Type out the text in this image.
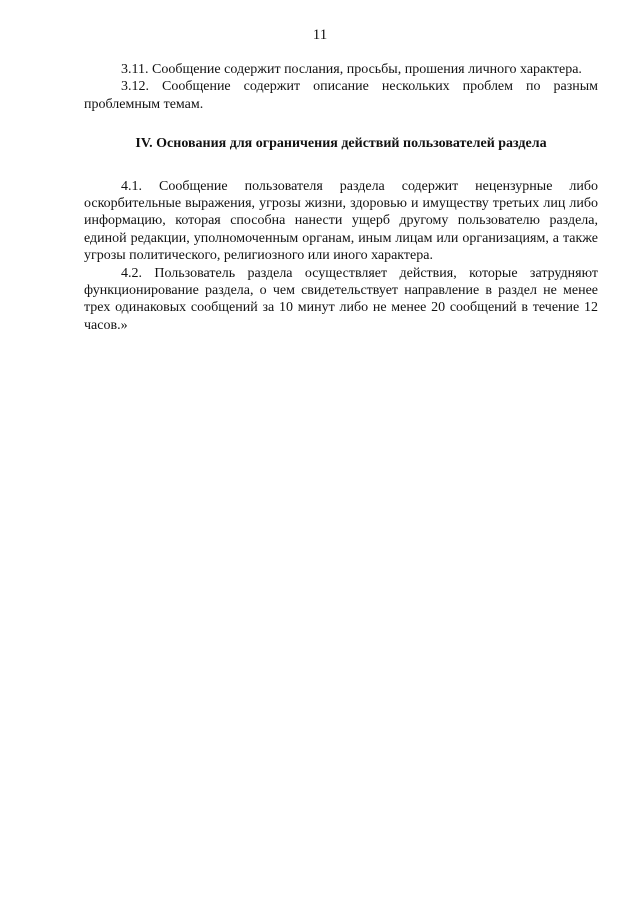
11

3.11. Сообщение содержит послания, просьбы, прошения личного характера.

3.12. Сообщение содержит описание нескольких проблем по разным проблемным темам.

IV. Основания для ограничения действий пользователей раздела

4.1. Сообщение пользователя раздела содержит нецензурные либо оскорбительные выражения, угрозы жизни, здоровью и имуществу третьих лиц либо информацию, которая способна нанести ущерб другому пользователю раздела, единой редакции, уполномоченным органам, иным лицам или организациям, а также угрозы политического, религиозного или иного характера.

4.2. Пользователь раздела осуществляет действия, которые затрудняют функционирование раздела, о чем свидетельствует направление в раздел не менее трех одинаковых сообщений за 10 минут либо не менее 20 сообщений в течение 12 часов.»
